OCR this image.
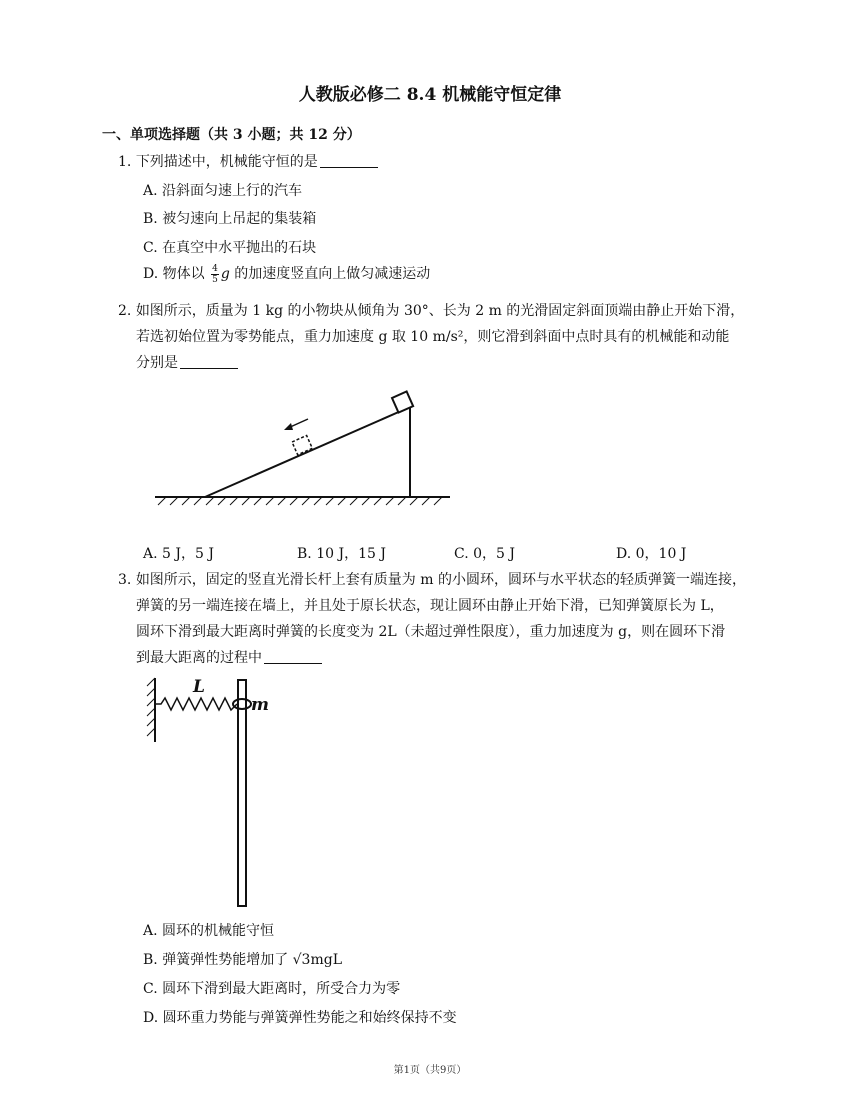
人教版必修二 8.4 机械能守恒定律
一、单项选择题（共 3 小题；共 12 分）
1. 下列描述中，机械能守恒的是
A. 沿斜面匀速上行的汽车
B. 被匀速向上吊起的集装箱
C. 在真空中水平抛出的石块
D. 物体以 $\frac{4}{5}$ g 的加速度竖直向上做匀减速运动
2. 如图所示，质量为 1 kg 的小物块从倾角为 30°、长为 2 m 的光滑固定斜面顶端由静止开始下滑，
若选初始位置为零势能点，重力加速度 g 取 10 m/s²，则它滑到斜面中点时具有的机械能和动能
分别是
A. 5 J，5 J	B. 10 J，15 J	C. 0，5 J	D. 0，10 J
3. 如图所示，固定的竖直光滑长杆上套有质量为 m 的小圆环，圆环与水平状态的轻质弹簧一端连接，
弹簧的另一端连接在墙上，并且处于原长状态，现让圆环由静止开始下滑，已知弹簧原长为 L，
圆环下滑到最大距离时弹簧的长度变为 2L（未超过弹性限度），重力加速度为 g，则在圆环下滑
到最大距离的过程中
L
m
A. 圆环的机械能守恒
B. 弹簧弹性势能增加了 √3mgL
C. 圆环下滑到最大距离时，所受合力为零
D. 圆环重力势能与弹簧弹性势能之和始终保持不变
第1页（共9页）
